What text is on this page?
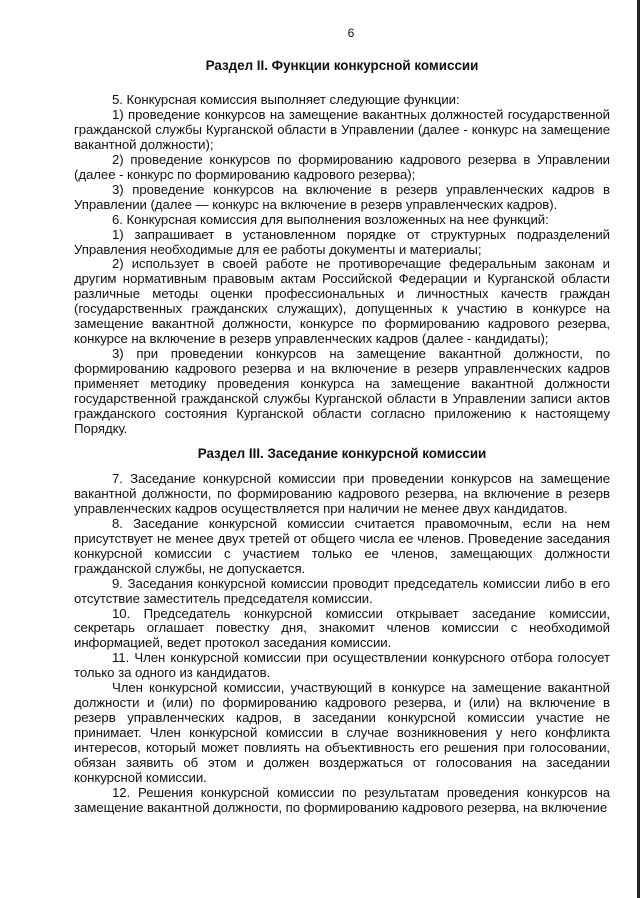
6
Раздел II. Функции конкурсной комиссии

5. Конкурсная комиссия выполняет следующие функции:

1) проведение конкурсов на замещение вакантных должностей государственной гражданской службы Курганской области в Управлении (далее - конкурс на замещение вакантной должности);

2) проведение конкурсов по формированию кадрового резерва в Управлении (далее - конкурс по формированию кадрового резерва);

3) проведение конкурсов на включение в резерв управленческих кадров в Управлении (далее — конкурс на включение в резерв управленческих кадров).

6. Конкурсная комиссия для выполнения возложенных на нее функций:

1) запрашивает в установленном порядке от структурных подразделений Управления необходимые для ее работы документы и материалы;

2) использует в своей работе не противоречащие федеральным законам и другим нормативным правовым актам Российской Федерации и Курганской области различные методы оценки профессиональных и личностных качеств граждан (государственных гражданских служащих), допущенных к участию в конкурсе на замещение вакантной должности, конкурсе по формированию кадрового резерва, конкурсе на включение в резерв управленческих кадров (далее - кандидаты);

3) при проведении конкурсов на замещение вакантной должности, по формированию кадрового резерва и на включение в резерв управленческих кадров применяет методику проведения конкурса на замещение вакантной должности государственной гражданской службы Курганской области в Управлении записи актов гражданского состояния Курганской области согласно приложению к настоящему Порядку.

Раздел III. Заседание конкурсной комиссии

7. Заседание конкурсной комиссии при проведении конкурсов на замещение вакантной должности, по формированию кадрового резерва, на включение в резерв управленческих кадров осуществляется при наличии не менее двух кандидатов.

8. Заседание конкурсной комиссии считается правомочным, если на нем присутствует не менее двух третей от общего числа ее членов. Проведение заседания конкурсной комиссии с участием только ее членов, замещающих должности гражданской службы, не допускается.

9. Заседания конкурсной комиссии проводит председатель комиссии либо в его отсутствие заместитель председателя комиссии.

10. Председатель конкурсной комиссии открывает заседание комиссии, секретарь оглашает повестку дня, знакомит членов комиссии с необходимой информацией, ведет протокол заседания комиссии.

11. Член конкурсной комиссии при осуществлении конкурсного отбора голосует только за одного из кандидатов.

Член конкурсной комиссии, участвующий в конкурсе на замещение вакантной должности и (или) по формированию кадрового резерва, и (или) на включение в резерв управленческих кадров, в заседании конкурсной комиссии участие не принимает. Член конкурсной комиссии в случае возникновения у него конфликта интересов, который может повлиять на объективность его решения при голосовании, обязан заявить об этом и должен воздержаться от голосования на заседании конкурсной комиссии.

12. Решения конкурсной комиссии по результатам проведения конкурсов на замещение вакантной должности, по формированию кадрового резерва, на включение
